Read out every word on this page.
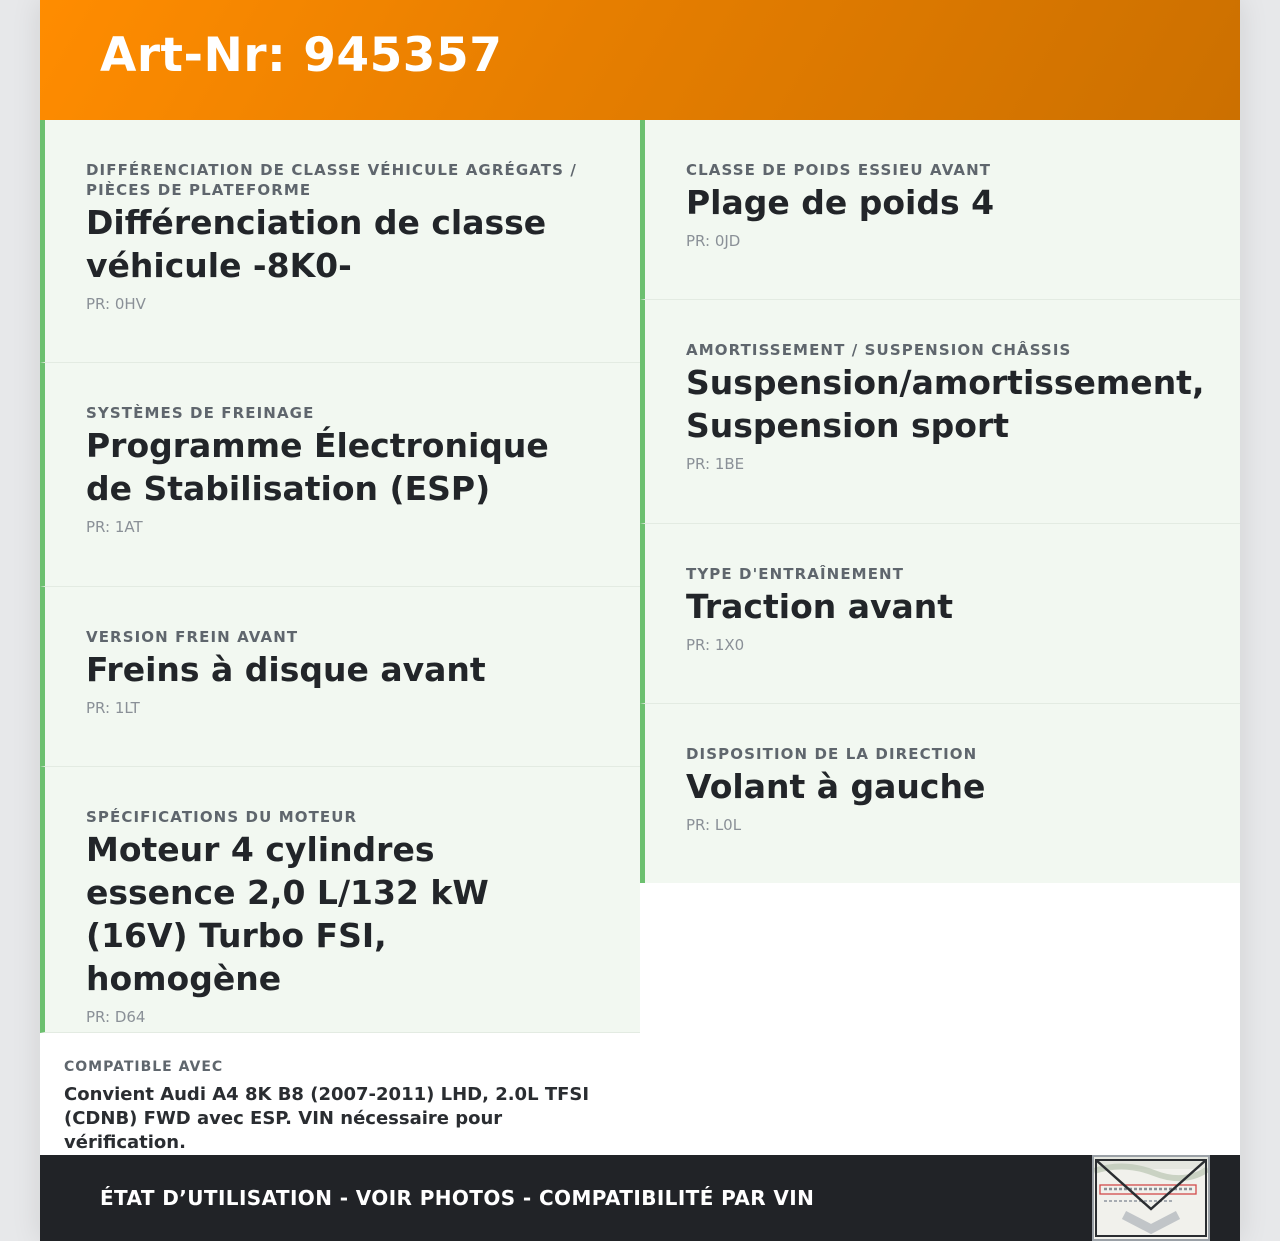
Art-Nr: 945357
DIFFÉRENCIATION DE CLASSE VÉHICULE AGRÉGATS / PIÈCES DE PLATEFORME
Différenciation de classe véhicule -8K0-
PR: 0HV
SYSTÈMES DE FREINAGE
Programme Électronique de Stabilisation (ESP)
PR: 1AT
VERSION FREIN AVANT
Freins à disque avant
PR: 1LT
SPÉCIFICATIONS DU MOTEUR
Moteur 4 cylindres essence 2,0 L/132 kW (16V) Turbo FSI, homogène
PR: D64
CLASSE DE POIDS ESSIEU AVANT
Plage de poids 4
PR: 0JD
AMORTISSEMENT / SUSPENSION CHÂSSIS
Suspension/amortissement, Suspension sport
PR: 1BE
TYPE D'ENTRAÎNEMENT
Traction avant
PR: 1X0
DISPOSITION DE LA DIRECTION
Volant à gauche
PR: L0L
COMPATIBLE AVEC
Convient Audi A4 8K B8 (2007-2011) LHD, 2.0L TFSI (CDNB) FWD avec ESP. VIN nécessaire pour vérification.
ÉTAT D’UTILISATION - VOIR PHOTOS - COMPATIBILITÉ PAR VIN
